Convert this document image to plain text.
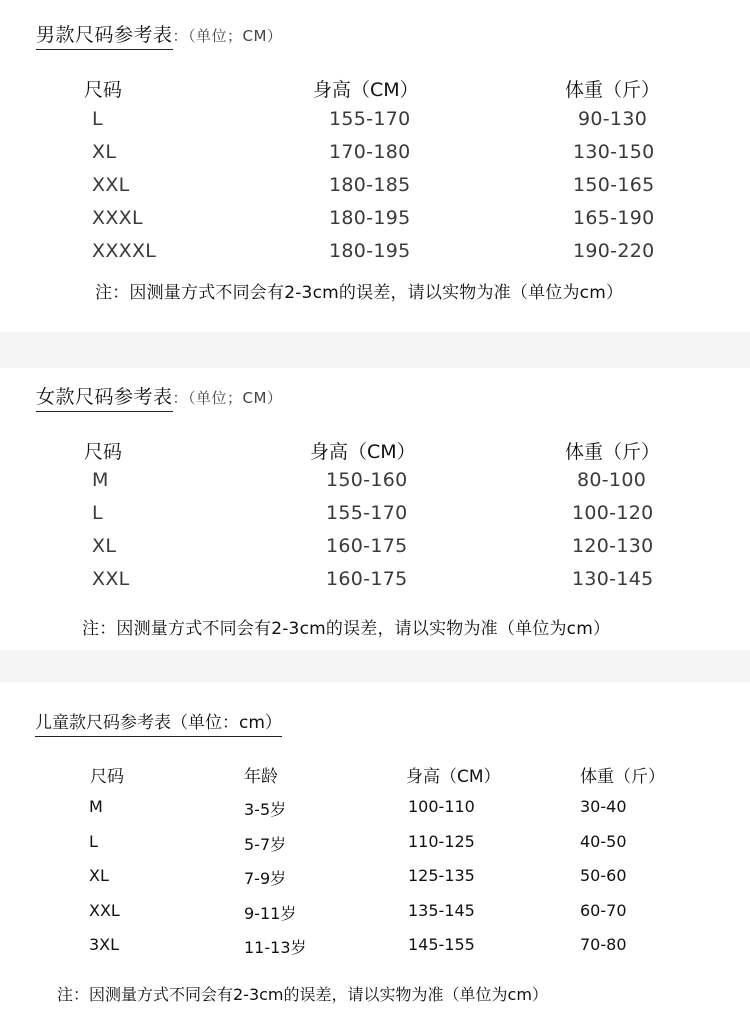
男款尺码参考表：（单位；CM）
尺码	身高（CM）	体重（斤）
L	155-170	90-130
XL	170-180	130-150
XXL	180-185	150-165
XXXL	180-195	165-190
XXXXL	180-195	190-220
注：因测量方式不同会有2-3cm的误差，请以实物为准（单位为cm）
女款尺码参考表：（单位；CM）
尺码	身高（CM）	体重（斤）
M	150-160	80-100
L	155-170	100-120
XL	160-175	120-130
XXL	160-175	130-145
注：因测量方式不同会有2-3cm的误差，请以实物为准（单位为cm）
儿童款尺码参考表（单位：cm）
尺码	年龄	身高（CM）	体重（斤）
M	3-5岁	100-110	30-40
L	5-7岁	110-125	40-50
XL	7-9岁	125-135	50-60
XXL	9-11岁	135-145	60-70
3XL	11-13岁	145-155	70-80
注：因测量方式不同会有2-3cm的误差，请以实物为准（单位为cm）
